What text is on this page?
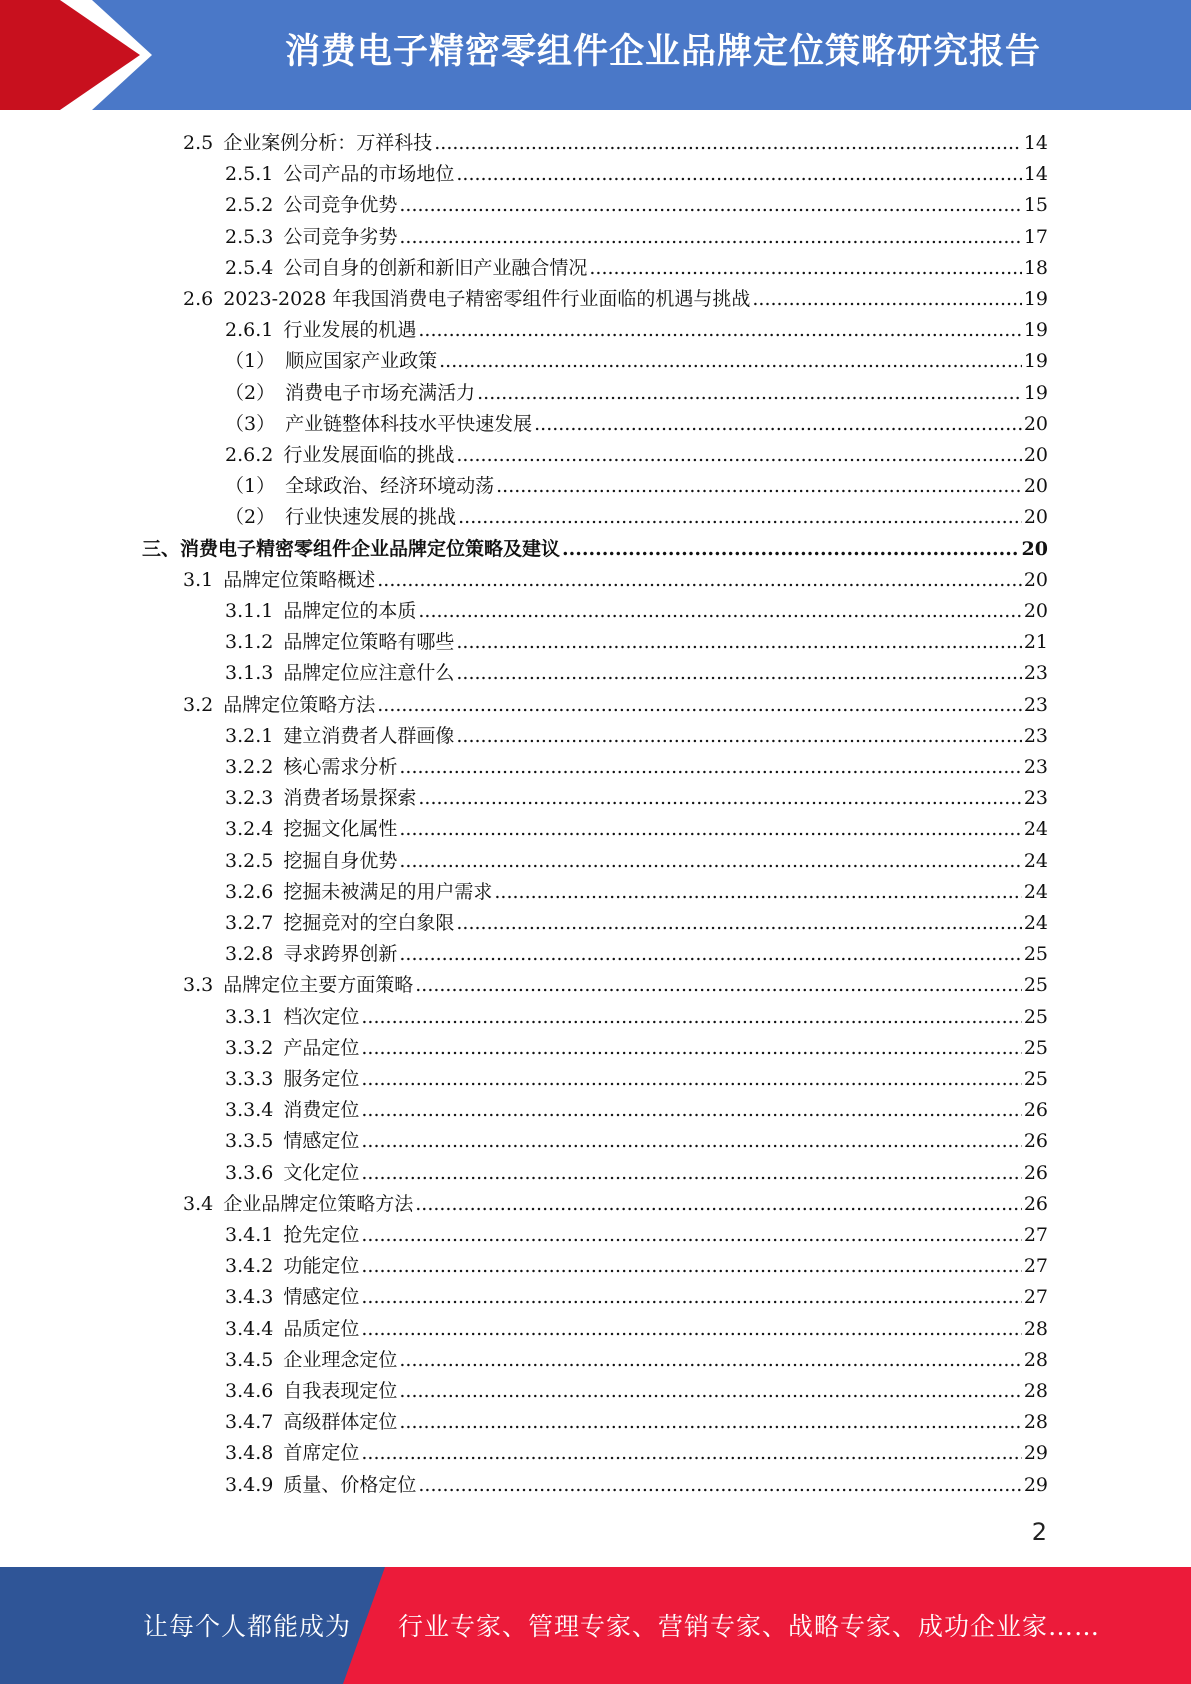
消费电子精密零组件企业品牌定位策略研究报告
2.5 企业案例分析：万祥科技 .....	14
2.5.1 公司产品的市场地位 .....	14
2.5.2 公司竞争优势 .....	15
2.5.3 公司竞争劣势 .....	17
2.5.4 公司自身的创新和新旧产业融合情况 .....	18
2.6 2023-2028 年我国消费电子精密零组件行业面临的机遇与挑战 .....	19
2.6.1 行业发展的机遇 .....	19
（1） 顺应国家产业政策 .....	19
（2） 消费电子市场充满活力 .....	19
（3） 产业链整体科技水平快速发展 .....	20
2.6.2 行业发展面临的挑战 .....	20
（1） 全球政治、经济环境动荡 .....	20
（2） 行业快速发展的挑战 .....	20
三、 消费电子精密零组件企业品牌定位策略及建议 .....	20
3.1 品牌定位策略概述 .....	20
3.1.1 品牌定位的本质 .....	20
3.1.2 品牌定位策略有哪些 .....	21
3.1.3 品牌定位应注意什么 .....	23
3.2 品牌定位策略方法 .....	23
3.2.1 建立消费者人群画像 .....	23
3.2.2 核心需求分析 .....	23
3.2.3 消费者场景探索 .....	23
3.2.4 挖掘文化属性 .....	24
3.2.5 挖掘自身优势 .....	24
3.2.6 挖掘未被满足的用户需求 .....	24
3.2.7 挖掘竞对的空白象限 .....	24
3.2.8 寻求跨界创新 .....	25
3.3 品牌定位主要方面策略 .....	25
3.3.1 档次定位 .....	25
3.3.2 产品定位 .....	25
3.3.3 服务定位 .....	25
3.3.4 消费定位 .....	26
3.3.5 情感定位 .....	26
3.3.6 文化定位 .....	26
3.4 企业品牌定位策略方法 .....	26
3.4.1 抢先定位 .....	27
3.4.2 功能定位 .....	27
3.4.3 情感定位 .....	27
3.4.4 品质定位 .....	28
3.4.5 企业理念定位 .....	28
3.4.6 自我表现定位 .....	28
3.4.7 高级群体定位 .....	28
3.4.8 首席定位 .....	29
3.4.9 质量、价格定位 .....	29
2
让每个人都能成为 行业专家、管理专家、营销专家、战略专家、成功企业家……
